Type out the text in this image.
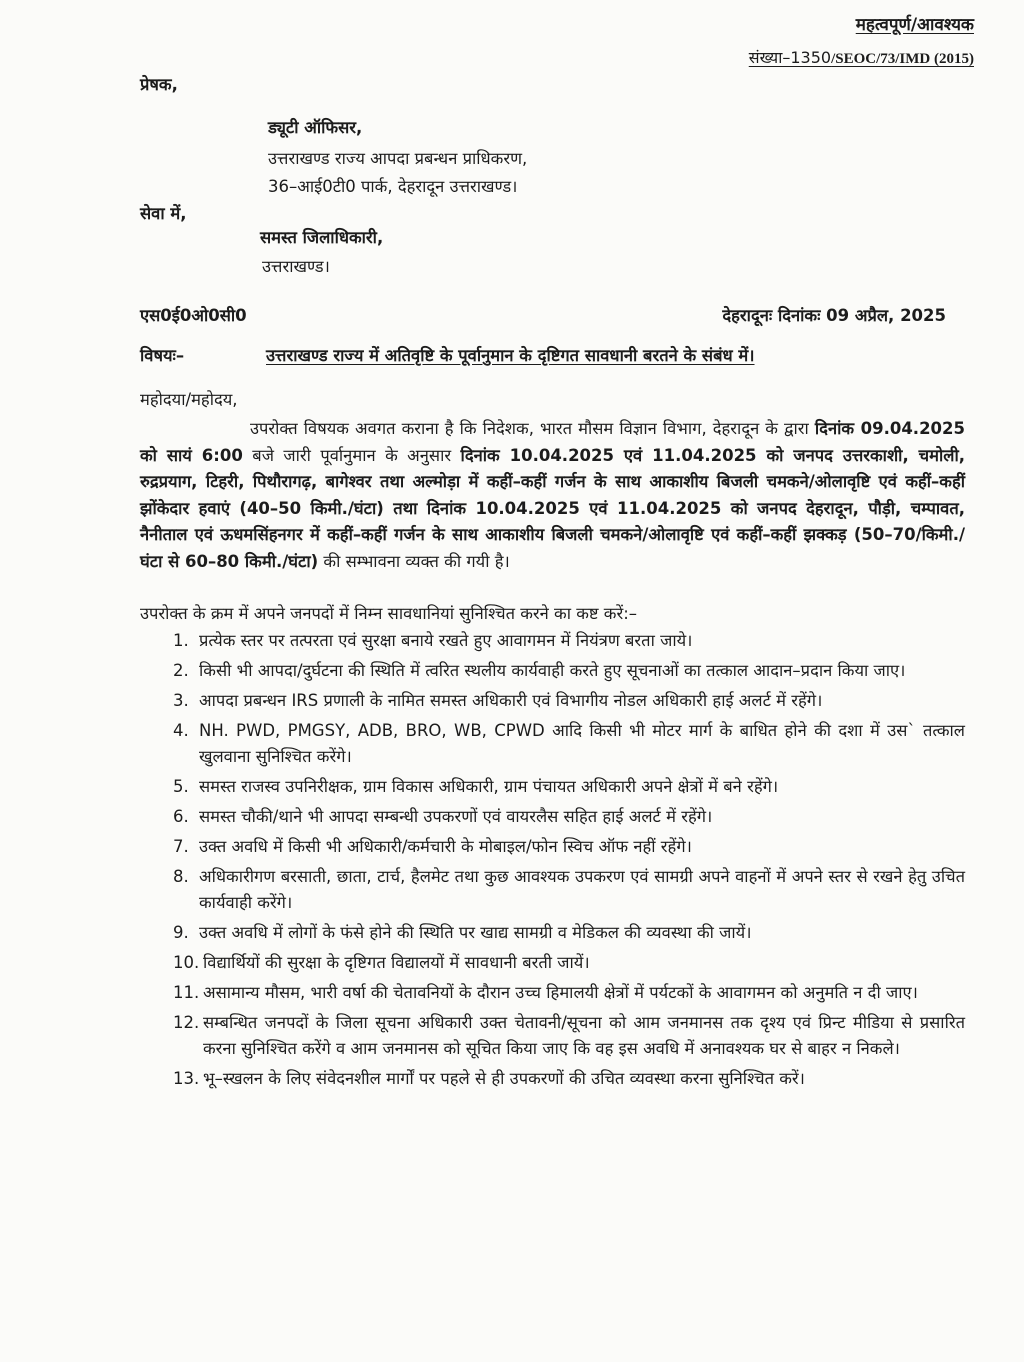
महत्वपूर्ण/आवश्यक
संख्या–1350/SEOC/73/IMD (2015)
प्रेषक,
ड्यूटी ऑफिसर,
उत्तराखण्ड राज्य आपदा प्रबन्धन प्राधिकरण,
36–आई0टी0 पार्क, देहरादून उत्तराखण्ड।
सेवा में,
समस्त जिलाधिकारी,
उत्तराखण्ड।
एस0ई0ओ0सी0	देहरादूनः दिनांकः 09 अप्रैल, 2025
विषयः–	उत्तराखण्ड राज्य में अतिवृष्टि के पूर्वानुमान के दृष्टिगत सावधानी बरतने के संबंध में।
महोदया/महोदय,
उपरोक्त विषयक अवगत कराना है कि निदेशक, भारत मौसम विज्ञान विभाग, देहरादून के द्वारा दिनांक 09.04.2025 को सायं 6:00 बजे जारी पूर्वानुमान के अनुसार दिनांक 10.04.2025 एवं 11.04.2025 को जनपद उत्तरकाशी, चमोली, रुद्रप्रयाग, टिहरी, पिथौरागढ़, बागेश्वर तथा अल्मोड़ा में कहीं–कहीं गर्जन के साथ आकाशीय बिजली चमकने/ओलावृष्टि एवं कहीं–कहीं झोंकेदार हवाएं (40–50 किमी./घंटा) तथा दिनांक 10.04.2025 एवं 11.04.2025 को जनपद देहरादून, पौड़ी, चम्पावत, नैनीताल एवं ऊधमसिंहनगर में कहीं–कहीं गर्जन के साथ आकाशीय बिजली चमकने/ओलावृष्टि एवं कहीं–कहीं झक्कड़ (50–70/किमी./घंटा से 60–80 किमी./घंटा) की सम्भावना व्यक्त की गयी है।
उपरोक्त के क्रम में अपने जनपदों में निम्न सावधानियां सुनिश्चित करने का कष्ट करें:–
1. प्रत्येक स्तर पर तत्परता एवं सुरक्षा बनाये रखते हुए आवागमन में नियंत्रण बरता जाये।
2. किसी भी आपदा/दुर्घटना की स्थिति में त्वरित स्थलीय कार्यवाही करते हुए सूचनाओं का तत्काल आदान–प्रदान किया जाए।
3. आपदा प्रबन्धन IRS प्रणाली के नामित समस्त अधिकारी एवं विभागीय नोडल अधिकारी हाई अलर्ट में रहेंगे।
4. NH. PWD, PMGSY, ADB, BRO, WB, CPWD आदि किसी भी मोटर मार्ग के बाधित होने की दशा में उस` तत्काल खुलवाना सुनिश्चित करेंगे।
5. समस्त राजस्व उपनिरीक्षक, ग्राम विकास अधिकारी, ग्राम पंचायत अधिकारी अपने क्षेत्रों में बने रहेंगे।
6. समस्त चौकी/थाने भी आपदा सम्बन्धी उपकरणों एवं वायरलैस सहित हाई अलर्ट में रहेंगे।
7. उक्त अवधि में किसी भी अधिकारी/कर्मचारी के मोबाइल/फोन स्विच ऑफ नहीं रहेंगे।
8. अधिकारीगण बरसाती, छाता, टार्च, हैलमेट तथा कुछ आवश्यक उपकरण एवं सामग्री अपने वाहनों में अपने स्तर से रखने हेतु उचित कार्यवाही करेंगे।
9. उक्त अवधि में लोगों के फंसे होने की स्थिति पर खाद्य सामग्री व मेडिकल की व्यवस्था की जायें।
10. विद्यार्थियों की सुरक्षा के दृष्टिगत विद्यालयों में सावधानी बरती जायें।
11. असामान्य मौसम, भारी वर्षा की चेतावनियों के दौरान उच्च हिमालयी क्षेत्रों में पर्यटकों के आवागमन को अनुमति न दी जाए।
12. सम्बन्धित जनपदों के जिला सूचना अधिकारी उक्त चेतावनी/सूचना को आम जनमानस तक दृश्य एवं प्रिन्ट मीडिया से प्रसारित करना सुनिश्चित करेंगे व आम जनमानस को सूचित किया जाए कि वह इस अवधि में अनावश्यक घर से बाहर न निकले।
13. भू–स्खलन के लिए संवेदनशील मार्गों पर पहले से ही उपकरणों की उचित व्यवस्था करना सुनिश्चित करें।
